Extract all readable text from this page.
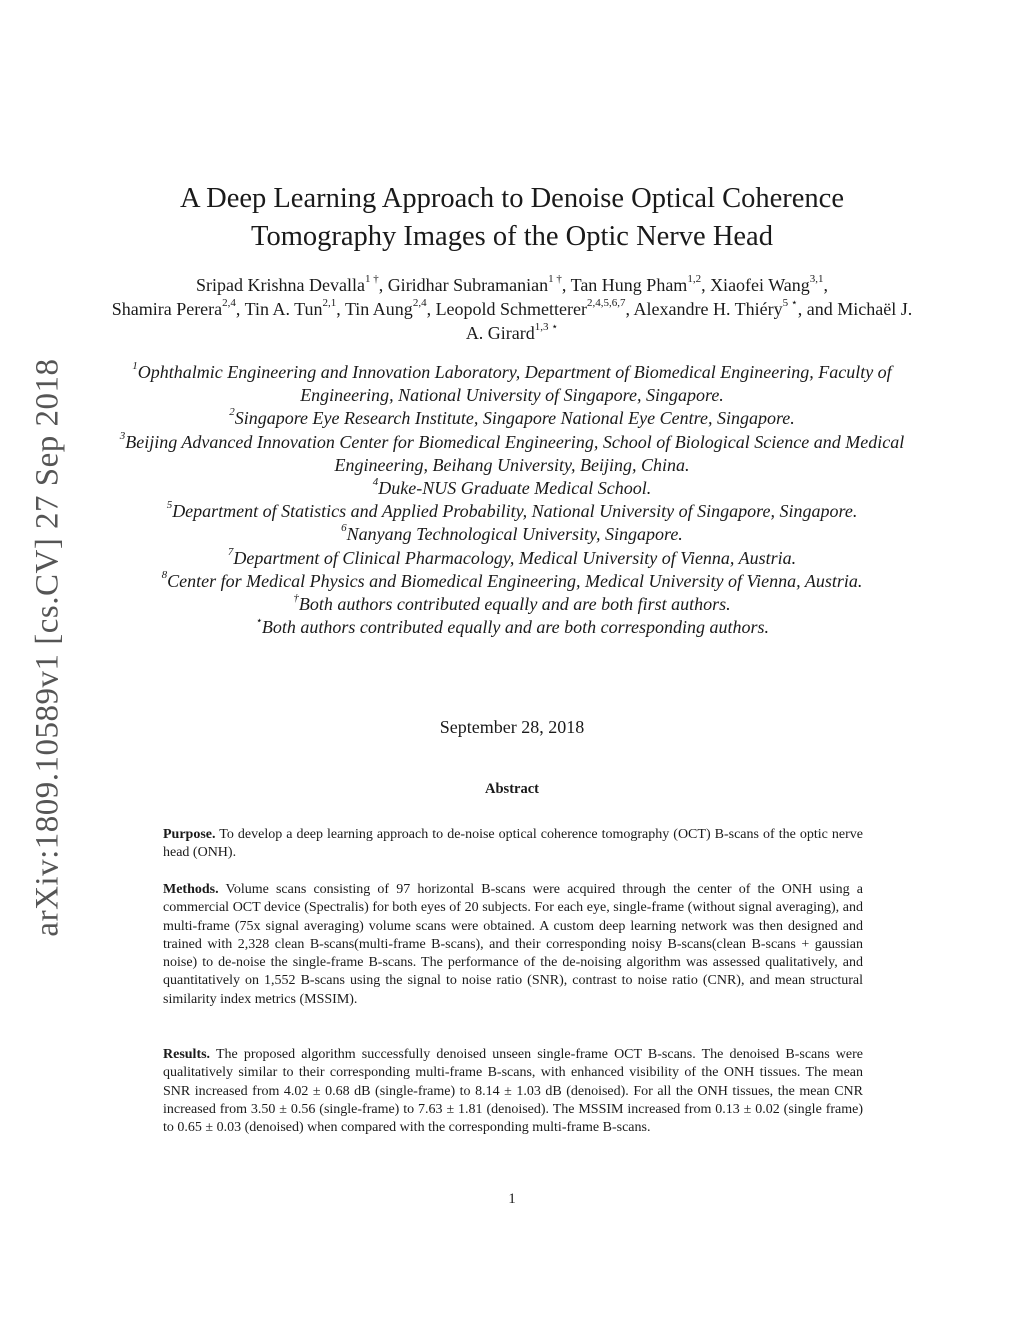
arXiv:1809.10589v1 [cs.CV] 27 Sep 2018
A Deep Learning Approach to Denoise Optical Coherence
Tomography Images of the Optic Nerve Head
Sripad Krishna Devalla$^{1 \dagger}$, Giridhar Subramanian$^{1 \dagger}$, Tan Hung Pham$^{1,2}$, Xiaofei Wang$^{3,1}$,
Shamira Perera$^{2,4}$, Tin A. Tun$^{2,1}$, Tin Aung$^{2,4}$, Leopold Schmetterer$^{2,4,5,6,7}$, Alexandre H. Thiéry$^{5 ⋆}$, and Michaël J. A. Girard$^{1,3 ⋆}$
$^1$Ophthalmic Engineering and Innovation Laboratory, Department of Biomedical Engineering, Faculty of Engineering, National University of Singapore, Singapore.
$^2$Singapore Eye Research Institute, Singapore National Eye Centre, Singapore.
$^3$Beijing Advanced Innovation Center for Biomedical Engineering, School of Biological Science and Medical Engineering, Beihang University, Beijing, China.
$^4$Duke-NUS Graduate Medical School.
$^5$Department of Statistics and Applied Probability, National University of Singapore, Singapore.
$^6$Nanyang Technological University, Singapore.
$^7$Department of Clinical Pharmacology, Medical University of Vienna, Austria.
$^8$Center for Medical Physics and Biomedical Engineering, Medical University of Vienna, Austria.
†Both authors contributed equally and are both first authors.
⋆Both authors contributed equally and are both corresponding authors.
September 28, 2018
Abstract
Purpose. To develop a deep learning approach to de-noise optical coherence tomography (OCT) B-scans of the optic nerve head (ONH).
Methods. Volume scans consisting of 97 horizontal B-scans were acquired through the center of the ONH using a commercial OCT device (Spectralis) for both eyes of 20 subjects. For each eye, single-frame (without signal averaging), and multi-frame (75x signal averaging) volume scans were obtained. A custom deep learning network was then designed and trained with 2,328 clean B-scans(multi-frame B-scans), and their corresponding noisy B-scans(clean B-scans + gaussian noise) to de-noise the single-frame B-scans. The performance of the de-noising algorithm was assessed qualitatively, and quantitatively on 1,552 B-scans using the signal to noise ratio (SNR), contrast to noise ratio (CNR), and mean structural similarity index metrics (MSSIM).
Results. The proposed algorithm successfully denoised unseen single-frame OCT B-scans. The denoised B-scans were qualitatively similar to their corresponding multi-frame B-scans, with enhanced visibility of the ONH tissues. The mean SNR increased from 4.02 ± 0.68 dB (single-frame) to 8.14 ± 1.03 dB (denoised). For all the ONH tissues, the mean CNR increased from 3.50 ± 0.56 (single-frame) to 7.63 ± 1.81 (denoised). The MSSIM increased from 0.13 ± 0.02 (single frame) to 0.65 ± 0.03 (denoised) when compared with the corresponding multi-frame B-scans.
1
